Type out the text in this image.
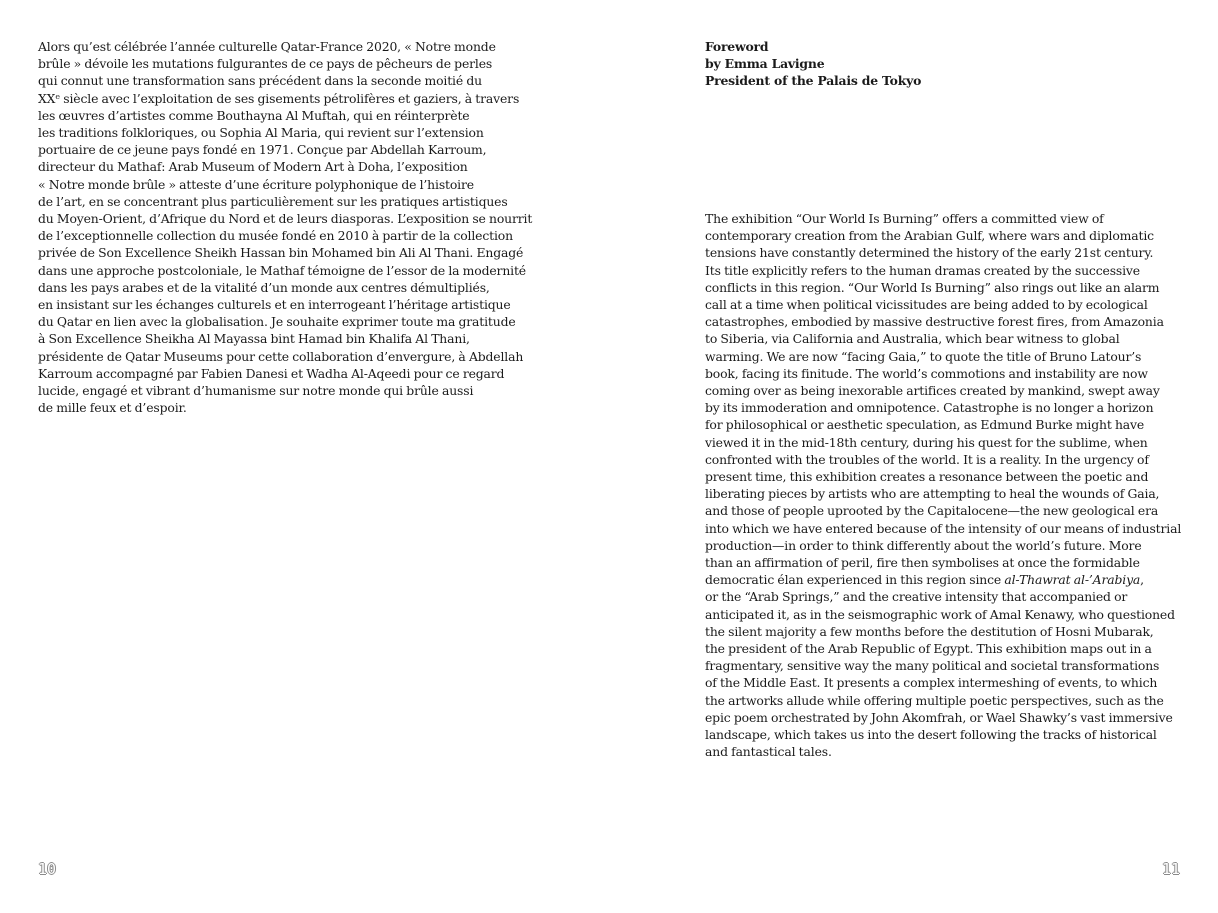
Alors qu’est célébrée l’année culturelle Qatar-France 2020, « Notre monde
brûle » dévoile les mutations fulgurantes de ce pays de pêcheurs de perles
qui connut une transformation sans précédent dans la seconde moitié du
XXᵉ siècle avec l’exploitation de ses gisements pétrolifères et gaziers, à travers
les œuvres d’artistes comme Bouthayna Al Muftah, qui en réinterprète
les traditions folkloriques, ou Sophia Al Maria, qui revient sur l’extension
portuaire de ce jeune pays fondé en 1971. Conçue par Abdellah Karroum,
directeur du Mathaf: Arab Museum of Modern Art à Doha, l’exposition
« Notre monde brûle » atteste d’une écriture polyphonique de l’histoire
de l’art, en se concentrant plus particulièrement sur les pratiques artistiques
du Moyen-Orient, d’Afrique du Nord et de leurs diasporas. L’exposition se nourrit
de l’exceptionnelle collection du musée fondé en 2010 à partir de la collection
privée de Son Excellence Sheikh Hassan bin Mohamed bin Ali Al Thani. Engagé
dans une approche postcoloniale, le Mathaf témoigne de l’essor de la modernité
dans les pays arabes et de la vitalité d’un monde aux centres démultipliés,
en insistant sur les échanges culturels et en interrogeant l’héritage artistique
du Qatar en lien avec la globalisation. Je souhaite exprimer toute ma gratitude
à Son Excellence Sheikha Al Mayassa bint Hamad bin Khalifa Al Thani,
présidente de Qatar Museums pour cette collaboration d’envergure, à Abdellah
Karroum accompagné par Fabien Danesi et Wadha Al-Aqeedi pour ce regard
lucide, engagé et vibrant d’humanisme sur notre monde qui brûle aussi
de mille feux et d’espoir.
10
Foreword
by Emma Lavigne
President of the Palais de Tokyo
The exhibition “Our World Is Burning” offers a committed view of
contemporary creation from the Arabian Gulf, where wars and diplomatic
tensions have constantly determined the history of the early 21st century.
Its title explicitly refers to the human dramas created by the successive
conflicts in this region. “Our World Is Burning” also rings out like an alarm
call at a time when political vicissitudes are being added to by ecological
catastrophes, embodied by massive destructive forest fires, from Amazonia
to Siberia, via California and Australia, which bear witness to global
warming. We are now “facing Gaia,” to quote the title of Bruno Latour’s
book, facing its finitude. The world’s commotions and instability are now
coming over as being inexorable artifices created by mankind, swept away
by its immoderation and omnipotence. Catastrophe is no longer a horizon
for philosophical or aesthetic speculation, as Edmund Burke might have
viewed it in the mid-18th century, during his quest for the sublime, when
confronted with the troubles of the world. It is a reality. In the urgency of
present time, this exhibition creates a resonance between the poetic and
liberating pieces by artists who are attempting to heal the wounds of Gaia,
and those of people uprooted by the Capitalocene—the new geological era
into which we have entered because of the intensity of our means of industrial
production—in order to think differently about the world’s future. More
than an affirmation of peril, fire then symbolises at once the formidable
democratic élan experienced in this region since al-Thawrat al-’Arabiya,
or the “Arab Springs,” and the creative intensity that accompanied or
anticipated it, as in the seismographic work of Amal Kenawy, who questioned
the silent majority a few months before the destitution of Hosni Mubarak,
the president of the Arab Republic of Egypt. This exhibition maps out in a
fragmentary, sensitive way the many political and societal transformations
of the Middle East. It presents a complex intermeshing of events, to which
the artworks allude while offering multiple poetic perspectives, such as the
epic poem orchestrated by John Akomfrah, or Wael Shawky’s vast immersive
landscape, which takes us into the desert following the tracks of historical
and fantastical tales.
11
